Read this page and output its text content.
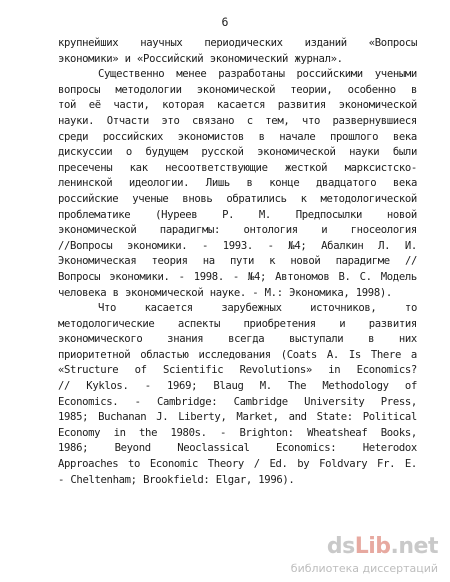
6
крупнейших научных периодических изданий «Вопросы
экономики» и «Российский экономический журнал».
Существенно менее разработаны российскими учеными
вопросы методологии экономической теории, особенно в
той её части, которая касается развития экономической
науки. Отчасти это связано с тем, что развернувшиеся
среди российских экономистов в начале прошлого века
дискуссии о будущем русской экономической науки были
пресечены как несоответствующие жесткой марксистско-
ленинской идеологии. Лишь в конце двадцатого века
российские ученые вновь обратились к методологической
проблематике (Нуреев Р. М. Предпосылки новой
экономической парадигмы: онтология и гносеология
//Вопросы экономики. - 1993. - №4; Абалкин Л. И.
Экономическая теория на пути к новой парадигме //
Вопросы экономики. - 1998. - №4; Автономов В. С. Модель
человека в экономической науке. - М.: Экономика, 1998).
Что	касается	зарубежных	источников,	то
методологические аспекты приобретения и развития
экономического знания всегда выступали в них
приоритетной областью исследования (Coats A. Is There a
«Structure of Scientific Revolutions» in Economics?
// Kyklos. - 1969; Blaug M. The Methodology of
Economics. - Cambridge: Cambridge University Press,
1985; Buchanan J. Liberty, Market, and State: Political
Economy in the 1980s. - Brighton: Wheatsheaf Books,
1986; Beyond Neoclassical Economics: Heterodox
Approaches to Economic Theory / Ed. by Foldvary Fr. E.
- Cheltenham; Brookfield: Elgar, 1996).
dsLib.net
библиотека диссертаций
